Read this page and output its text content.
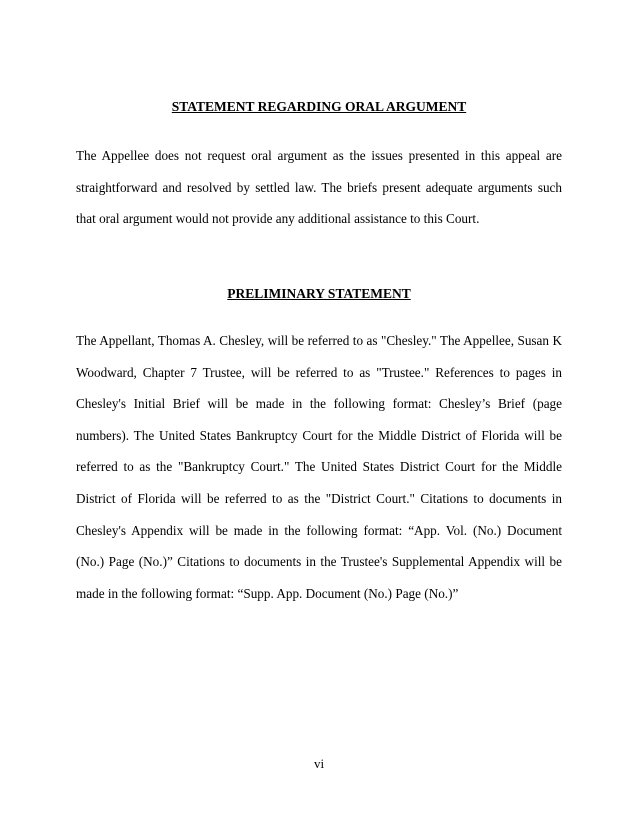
STATEMENT REGARDING ORAL ARGUMENT

The Appellee does not request oral argument as the issues presented in this appeal are straightforward and resolved by settled law. The briefs present adequate arguments such that oral argument would not provide any additional assistance to this Court.

PRELIMINARY STATEMENT

The Appellant, Thomas A. Chesley, will be referred to as "Chesley." The Appellee, Susan K Woodward, Chapter 7 Trustee, will be referred to as "Trustee." References to pages in Chesley's Initial Brief will be made in the following format: Chesley’s Brief (page numbers). The United States Bankruptcy Court for the Middle District of Florida will be referred to as the "Bankruptcy Court." The United States District Court for the Middle District of Florida will be referred to as the "District Court." Citations to documents in Chesley's Appendix will be made in the following format: “App. Vol. (No.) Document (No.) Page (No.)” Citations to documents in the Trustee's Supplemental Appendix will be made in the following format: “Supp. App. Document (No.) Page (No.)”

vi
